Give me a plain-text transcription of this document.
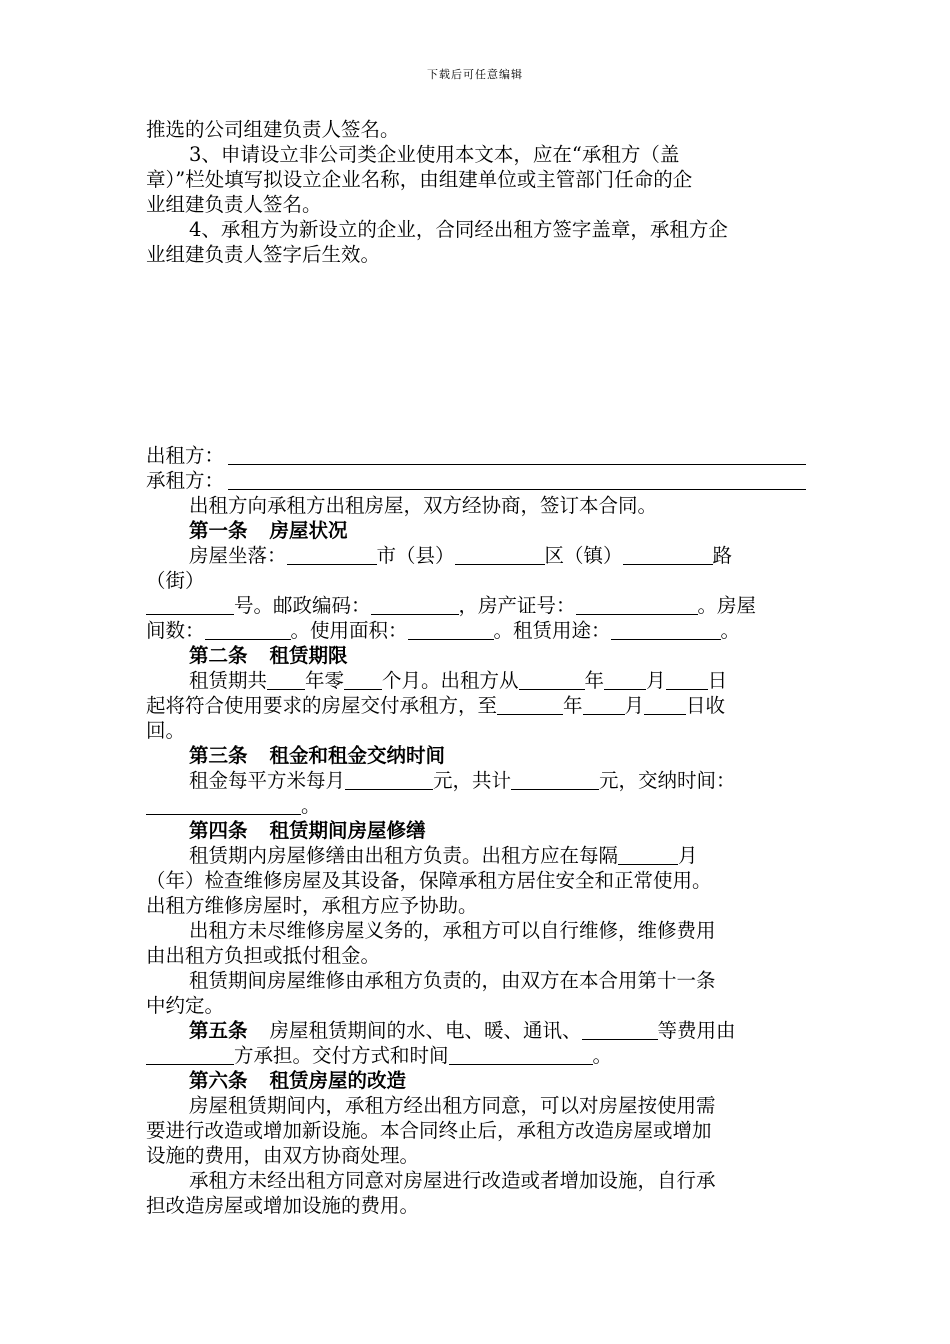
下载后可任意编辑
推选的公司组建负责人签名。
3、申请设立非公司类企业使用本文本，应在“承租方（盖
章）”栏处填写拟设立企业名称，由组建单位或主管部门任命的企
业组建负责人签名。
4、承租方为新设立的企业，合同经出租方签字盖章，承租方企
业组建负责人签字后生效。
出租方：
承租方：
出租方向承租方出租房屋，双方经协商，签订本合同。
第一条 房屋状况
房屋坐落：	市（县）	区（镇）	路
（街）
号。邮政编码：	，房产证号：	。房屋
间数：	。使用面积：	。租赁用途：	。
第二条 租赁期限
租赁期共 年零 个月。出租方从	年 月 日
起将符合使用要求的房屋交付承租方，至	年 月 日收
回。
第三条 租金和租金交纳时间
租金每平方米每月	元，共计	元，交纳时间：
。
第四条 租赁期间房屋修缮
租赁期内房屋修缮由出租方负责。出租方应在每隔	月
（年）检查维修房屋及其设备，保障承租方居住安全和正常使用。
出租方维修房屋时，承租方应予协助。
出租方未尽维修房屋义务的，承租方可以自行维修，维修费用
由出租方负担或抵付租金。
租赁期间房屋维修由承租方负责的，由双方在本合用第十一条
中约定。
第五条 房屋租赁期间的水、电、暖、通讯、	等费用由
方承担。交付方式和时间	。
第六条 租赁房屋的改造
房屋租赁期间内，承租方经出租方同意，可以对房屋按使用需
要进行改造或增加新设施。本合同终止后，承租方改造房屋或增加
设施的费用，由双方协商处理。
承租方未经出租方同意对房屋进行改造或者增加设施，自行承
担改造房屋或增加设施的费用。
